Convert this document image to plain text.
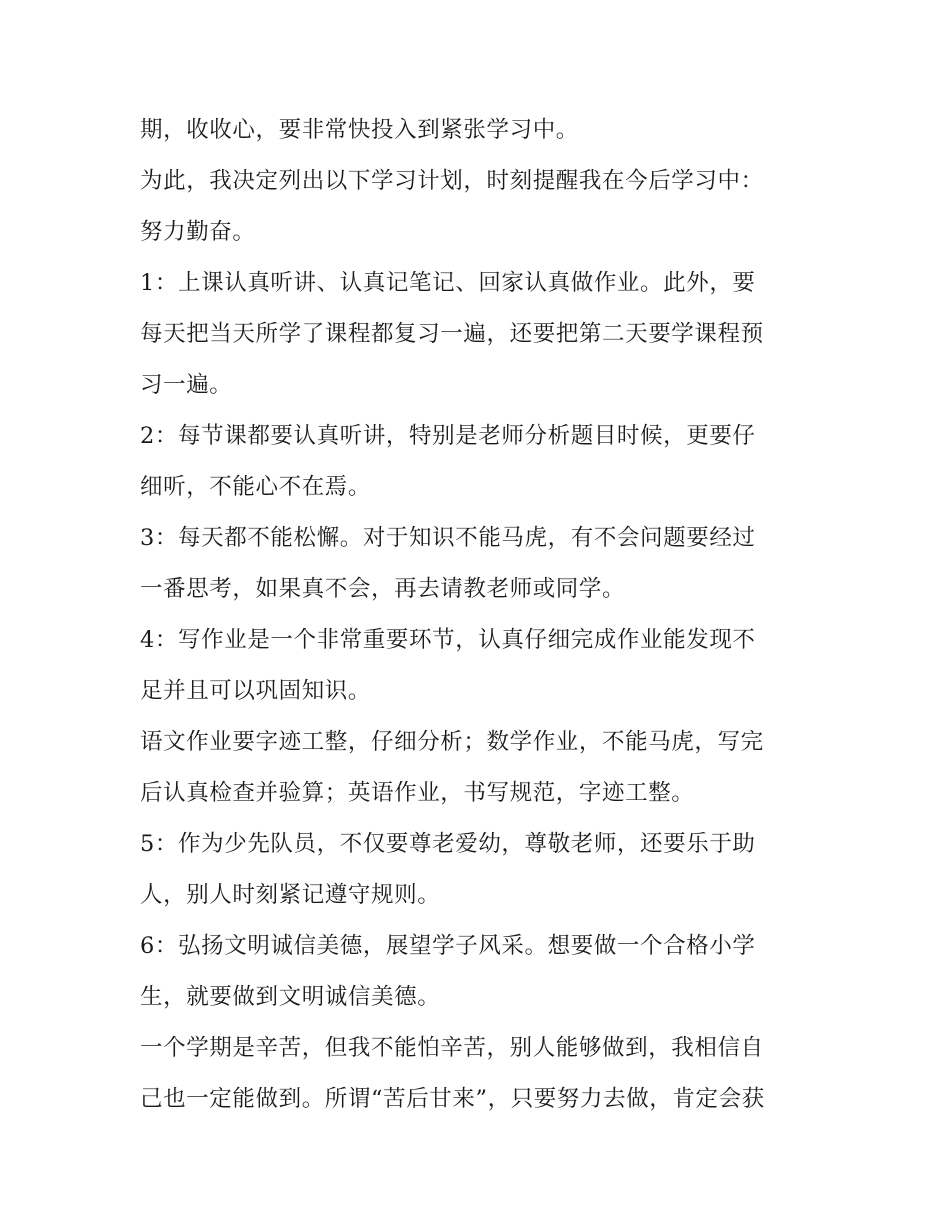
期，收收心，要非常快投入到紧张学习中。
为此，我决定列出以下学习计划，时刻提醒我在今后学习中：
努力勤奋。
1：上课认真听讲、认真记笔记、回家认真做作业。此外，要
每天把当天所学了课程都复习一遍，还要把第二天要学课程预
习一遍。
2：每节课都要认真听讲，特别是老师分析题目时候，更要仔
细听，不能心不在焉。
3：每天都不能松懈。对于知识不能马虎，有不会问题要经过
一番思考，如果真不会，再去请教老师或同学。
4：写作业是一个非常重要环节，认真仔细完成作业能发现不
足并且可以巩固知识。
语文作业要字迹工整，仔细分析；数学作业，不能马虎，写完
后认真检查并验算；英语作业，书写规范，字迹工整。
5：作为少先队员，不仅要尊老爱幼，尊敬老师，还要乐于助
人，别人时刻紧记遵守规则。
6：弘扬文明诚信美德，展望学子风采。想要做一个合格小学
生，就要做到文明诚信美德。
一个学期是辛苦，但我不能怕辛苦，别人能够做到，我相信自
己也一定能做到。所谓“苦后甘来”，只要努力去做，肯定会获
